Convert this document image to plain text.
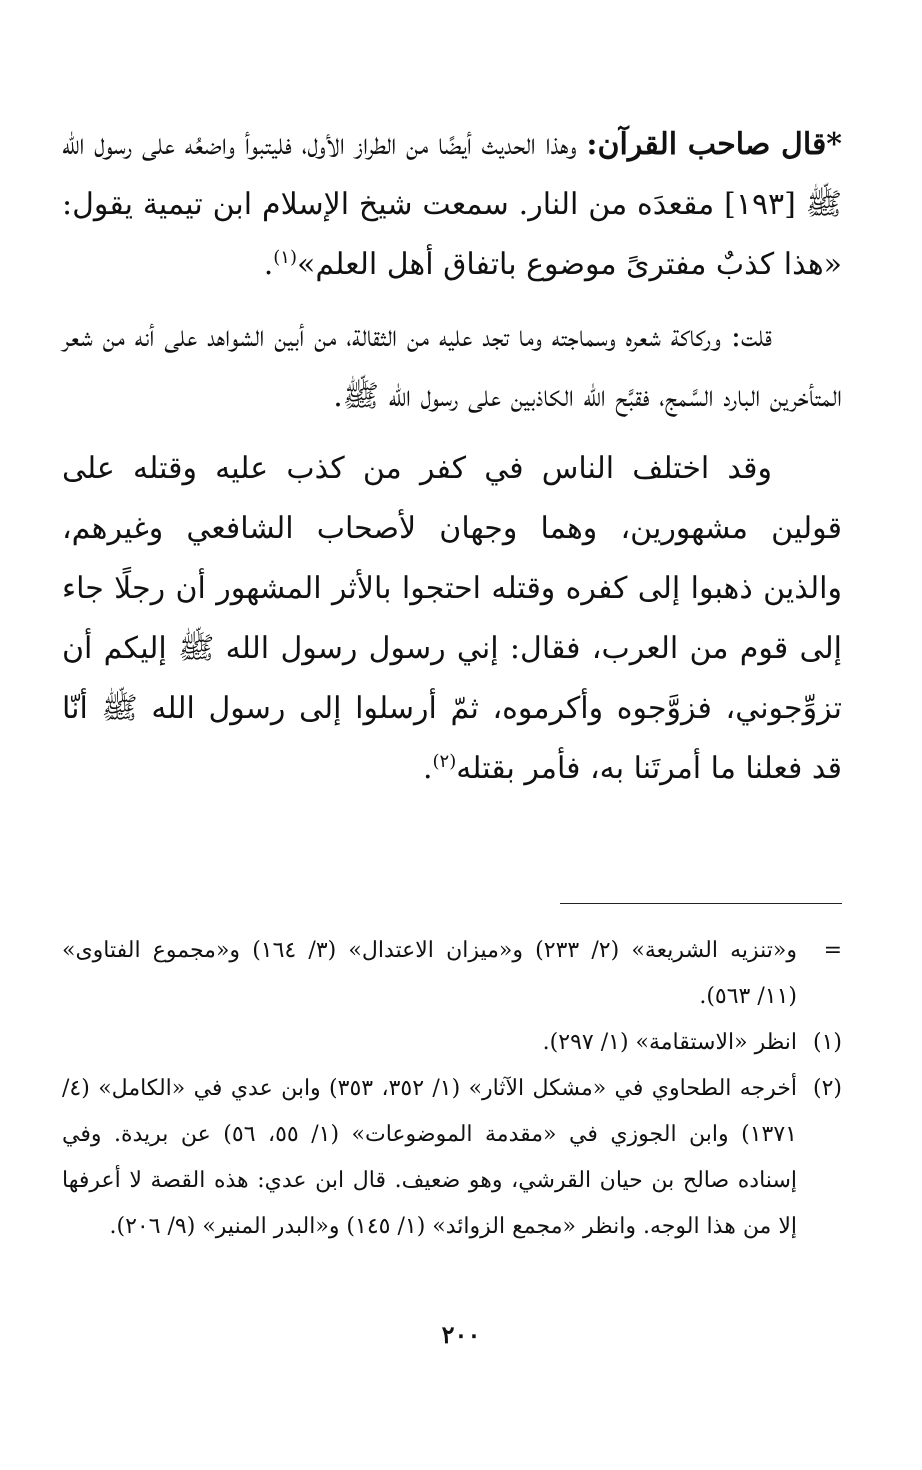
*قال صاحب القرآن: وهذا الحديث أيضًا من الطراز الأول، فليتبوأ واضعُه على رسول الله ﷺ [١٩٣] مقعدَه من النار. سمعت شيخ الإسلام ابن تيمية يقول: «هذا كذبٌ مفترىً موضوع باتفاق أهل العلم»$^{(١)}$.

قلت: وركاكة شعره وسماجته وما تجد عليه من الثقالة، من أبين الشواهد على أنه من شعر المتأخرين البارد السَّمج، فقبَّح الله الكاذبين على رسول الله ﷺ.

وقد اختلف الناس في كفر من كذب عليه وقتله على قولين مشهورين، وهما وجهان لأصحاب الشافعي وغيرهم، والذين ذهبوا إلى كفره وقتله احتجوا بالأثر المشهور أن رجلًا جاء إلى قوم من العرب، فقال: إني رسول رسول الله ﷺ إليكم أن تزوِّجوني، فزوَّجوه وأكرموه، ثمّ أرسلوا إلى رسول الله ﷺ أنّا قد فعلنا ما أمرتَنا به، فأمر بقتله$^{(٢)}$.

=
و«تنزيه الشريعة» (٢/ ٢٣٣) و«ميزان الاعتدال» (٣/ ١٦٤) و«مجموع الفتاوى» (١١/ ٥٦٣).
(١)
انظر «الاستقامة» (١/ ٢٩٧).
(٢)
أخرجه الطحاوي في «مشكل الآثار» (١/ ٣٥٢، ٣٥٣) وابن عدي في «الكامل» (٤/ ١٣٧١) وابن الجوزي في «مقدمة الموضوعات» (١/ ٥٥، ٥٦) عن بريدة. وفي إسناده صالح بن حيان القرشي، وهو ضعيف. قال ابن عدي: هذه القصة لا أعرفها إلا من هذا الوجه. وانظر «مجمع الزوائد» (١/ ١٤٥) و«البدر المنير» (٩/ ٢٠٦).
٢٠٠
